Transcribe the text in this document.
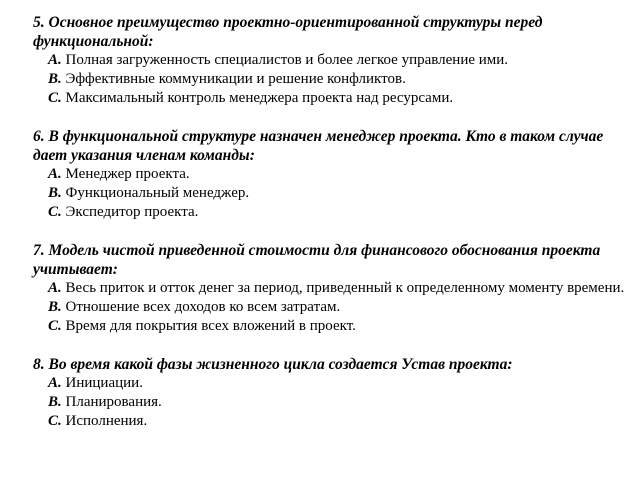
5. Основное преимущество проектно-ориентированной структуры перед функциональной:

A. Полная загруженность специалистов и более легкое управление ими.
B. Эффективные коммуникации и решение конфликтов.
C. Максимальный контроль менеджера проекта над ресурсами.

6. В функциональной структуре назначен менеджер проекта. Кто в таком случае дает указания членам команды:

A. Менеджер проекта.
B. Функциональный менеджер.
C. Экспедитор проекта.

7. Модель чистой приведенной стоимости для финансового обоснования проекта учитывает:

A. Весь приток и отток денег за период, приведенный к определенному моменту времени.
B. Отношение всех доходов ко всем затратам.
C. Время для покрытия всех вложений в проект.

8. Во время какой фазы жизненного цикла создается Устав проекта:

A. Инициации.
B. Планирования.
C. Исполнения.
